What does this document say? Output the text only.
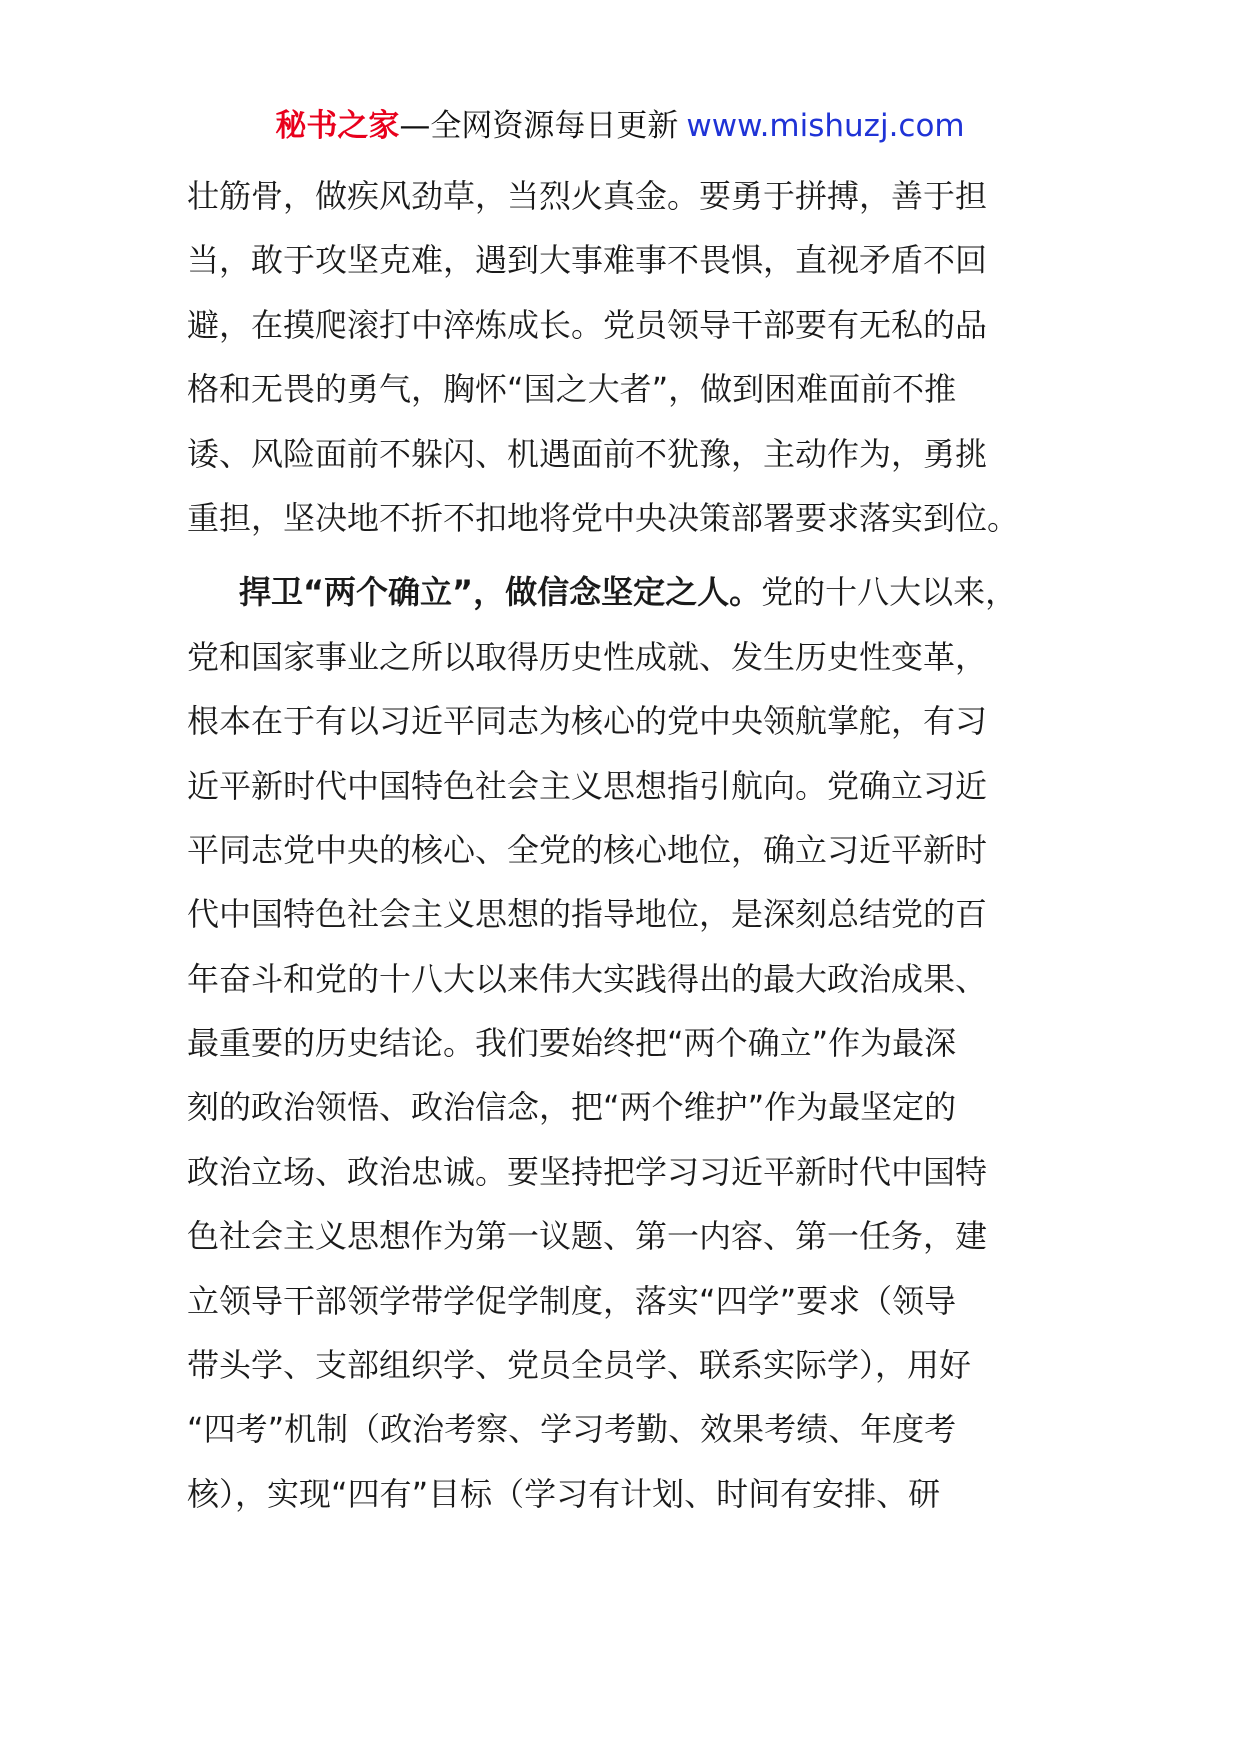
秘书之家—全网资源每日更新 www.mishuzj.com
壮筋骨，做疾风劲草，当烈火真金。要勇于拼搏，善于担
当，敢于攻坚克难，遇到大事难事不畏惧，直视矛盾不回
避，在摸爬滚打中淬炼成长。党员领导干部要有无私的品
格和无畏的勇气，胸怀“国之大者”，做到困难面前不推
诿、风险面前不躲闪、机遇面前不犹豫，主动作为，勇挑
重担，坚决地不折不扣地将党中央决策部署要求落实到位。
捍卫“两个确立”，做信念坚定之人。党的十八大以来，
党和国家事业之所以取得历史性成就、发生历史性变革，
根本在于有以习近平同志为核心的党中央领航掌舵，有习
近平新时代中国特色社会主义思想指引航向。党确立习近
平同志党中央的核心、全党的核心地位，确立习近平新时
代中国特色社会主义思想的指导地位，是深刻总结党的百
年奋斗和党的十八大以来伟大实践得出的最大政治成果、
最重要的历史结论。我们要始终把“两个确立”作为最深
刻的政治领悟、政治信念，把“两个维护”作为最坚定的
政治立场、政治忠诚。要坚持把学习习近平新时代中国特
色社会主义思想作为第一议题、第一内容、第一任务，建
立领导干部领学带学促学制度，落实“四学”要求（领导
带头学、支部组织学、党员全员学、联系实际学），用好
“四考”机制（政治考察、学习考勤、效果考绩、年度考
核），实现“四有”目标（学习有计划、时间有安排、研
